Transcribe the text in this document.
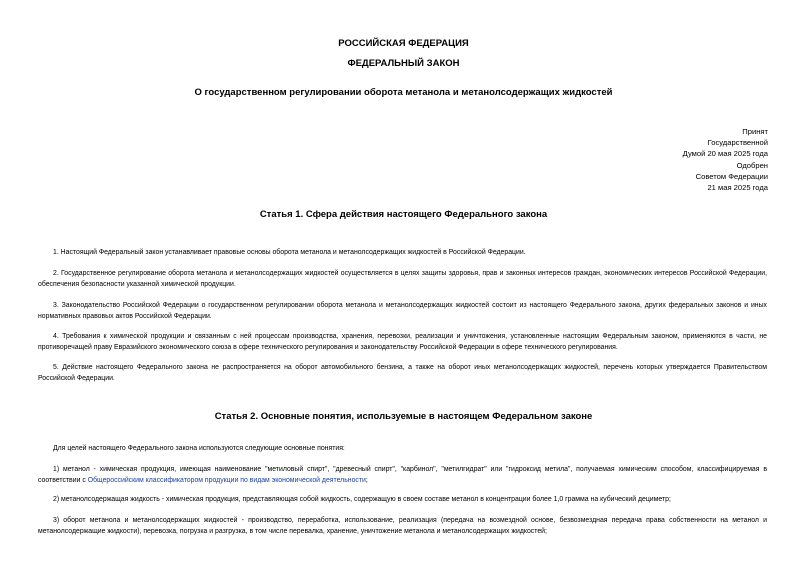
РОССИЙСКАЯ ФЕДЕРАЦИЯ
ФЕДЕРАЛЬНЫЙ ЗАКОН
О государственном регулировании оборота метанола и метанолсодержащих жидкостей
Принят
Государственной
Думой 20 мая 2025 года
Одобрен
Советом Федерации
21 мая 2025 года
Статья 1. Сфера действия настоящего Федерального закона

1. Настоящий Федеральный закон устанавливает правовые основы оборота метанола и метанолсодержащих жидкостей в Российской Федерации.

2. Государственное регулирование оборота метанола и метанолсодержащих жидкостей осуществляется в целях защиты здоровья, прав и законных интересов граждан, экономических интересов Российской Федерации, обеспечения безопасности указанной химической продукции.

3. Законодательство Российской Федерации о государственном регулировании оборота метанола и метанолсодержащих жидкостей состоит из настоящего Федерального закона, других федеральных законов и иных нормативных правовых актов Российской Федерации.

4. Требования к химической продукции и связанным с ней процессам производства, хранения, перевозки, реализации и уничтожения, установленные настоящим Федеральным законом, применяются в части, не противоречащей праву Евразийского экономического союза в сфере технического регулирования и законодательству Российской Федерации в сфере технического регулирования.

5. Действие настоящего Федерального закона не распространяется на оборот автомобильного бензина, а также на оборот иных метанолсодержащих жидкостей, перечень которых утверждается Правительством Российской Федерации.

Статья 2. Основные понятия, используемые в настоящем Федеральном законе

Для целей настоящего Федерального закона используются следующие основные понятия:

1) метанол - химическая продукция, имеющая наименование "метиловый спирт", "древесный спирт", "карбинол", "метилгидрат" или "гидроксид метила", получаемая химическим способом, классифицируемая в соответствии с Общероссийским классификатором продукции по видам экономической деятельности;

2) метанолсодержащая жидкость - химическая продукция, представляющая собой жидкость, содержащую в своем составе метанол в концентрации более 1,0 грамма на кубический дециметр;

3) оборот метанола и метанолсодержащих жидкостей - производство, переработка, использование, реализация (передача на возмездной основе, безвозмездная передача права собственности на метанол и метанолсодержащие жидкости), перевозка, погрузка и разгрузка, в том числе перевалка, хранение, уничтожение метанола и метанолсодержащих жидкостей;
